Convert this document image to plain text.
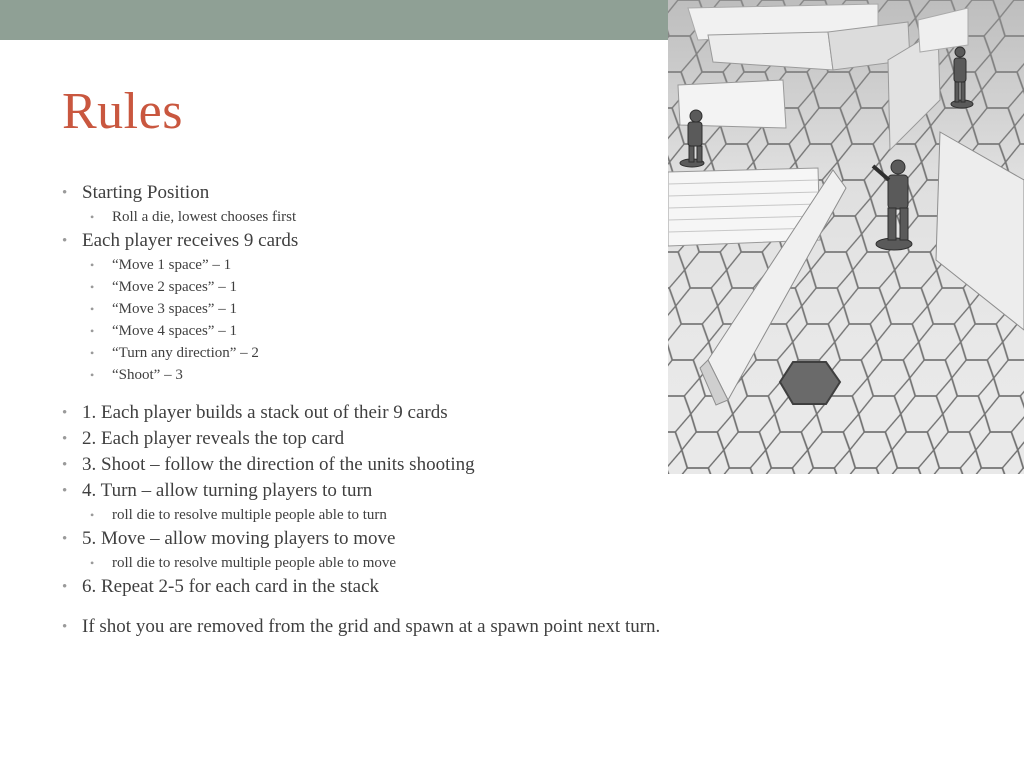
Rules
• Starting Position
• Roll a die, lowest chooses first
• Each player receives 9 cards
• “Move 1 space” – 1
• “Move 2 spaces” – 1
• “Move 3 spaces” – 1
• “Move 4 spaces” – 1
• “Turn any direction” – 2
• “Shoot” – 3
• 1. Each player builds a stack out of their 9 cards
• 2. Each player reveals the top card
• 3. Shoot – follow the direction of the units shooting
• 4. Turn – allow turning players to turn
• roll die to resolve multiple people able to turn
• 5. Move – allow moving players to move
• roll die to resolve multiple people able to move
• 6. Repeat 2-5 for each card in the stack
• If shot you are removed from the grid and spawn at a spawn point next turn.
